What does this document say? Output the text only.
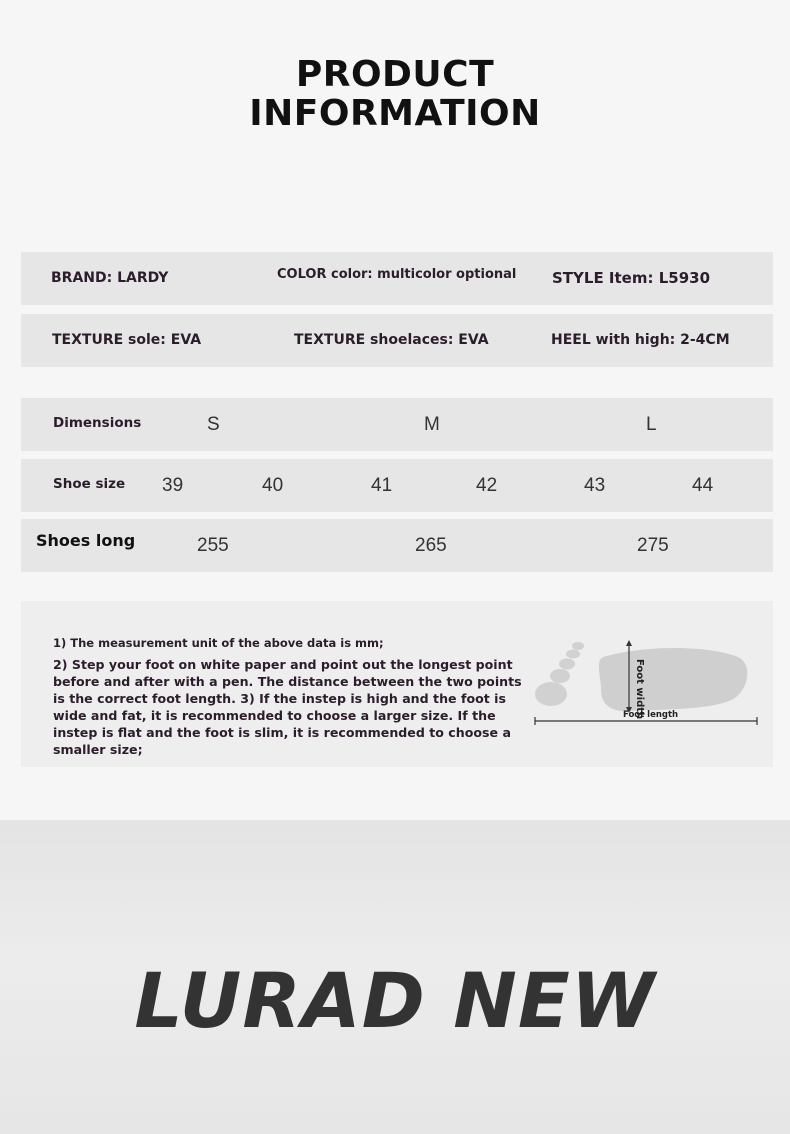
PRODUCT
INFORMATION
BRAND: LARDY	COLOR color: multicolor optional STYLE Item: L5930
TEXTURE sole: EVA	TEXTURE shoelaces: EVA	HEEL with high: 2-4CM
Dimensions	S	M	L
Shoe size 39	40	41	42	43	44
Shoes long	255	265	275
1) The measurement unit of the above data is mm;
2) Step your foot on white paper and point out the longest point before and after with a pen. The distance between the two points is the correct foot length. 3) If the instep is high and the foot is wide and fat, it is recommended to choose a larger size. If the instep is flat and the foot is slim, it is recommended to choose a smaller size;
Foot width
Foot length
LURAD NEW
